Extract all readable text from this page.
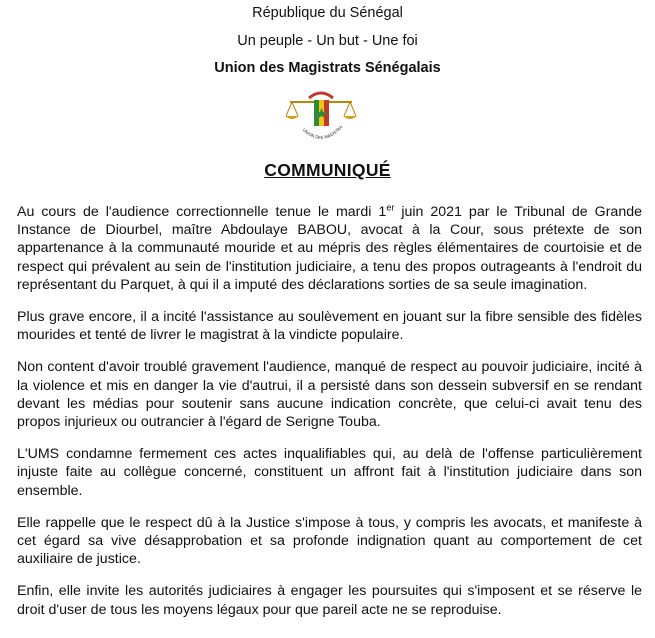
République du Sénégal
Un peuple - Un but - Une foi
Union des Magistrats Sénégalais
UNION DES MAGISTRA
COMMUNIQUÉ

Au cours de l'audience correctionnelle tenue le mardi 1er juin 2021 par le Tribunal de Grande Instance de Diourbel, maître Abdoulaye BABOU, avocat à la Cour, sous prétexte de son appartenance à la communauté mouride et au mépris des règles élémentaires de courtoisie et de respect qui prévalent au sein de l'institution judiciaire, a tenu des propos outrageants à l'endroit du représentant du Parquet, à qui il a imputé des déclarations sorties de sa seule imagination.

Plus grave encore, il a incité l'assistance au soulèvement en jouant sur la fibre sensible des fidèles mourides et tenté de livrer le magistrat à la vindicte populaire.

Non content d'avoir troublé gravement l'audience, manqué de respect au pouvoir judiciaire, incité à la violence et mis en danger la vie d'autrui, il a persisté dans son dessein subversif en se rendant devant les médias pour soutenir sans aucune indication concrète, que celui-ci avait tenu des propos injurieux ou outrancier à l'égard de Serigne Touba.

L'UMS condamne fermement ces actes inqualifiables qui, au delà de l'offense particulièrement injuste faite au collègue concerné, constituent un affront fait à l'institution judiciaire dans son ensemble.

Elle rappelle que le respect dû à la Justice s'impose à tous, y compris les avocats, et manifeste à cet égard sa vive désapprobation et sa profonde indignation quant au comportement de cet auxiliaire de justice.

Enfin, elle invite les autorités judiciaires à engager les poursuites qui s'imposent et se réserve le droit d'user de tous les moyens légaux pour que pareil acte ne se reproduise.
